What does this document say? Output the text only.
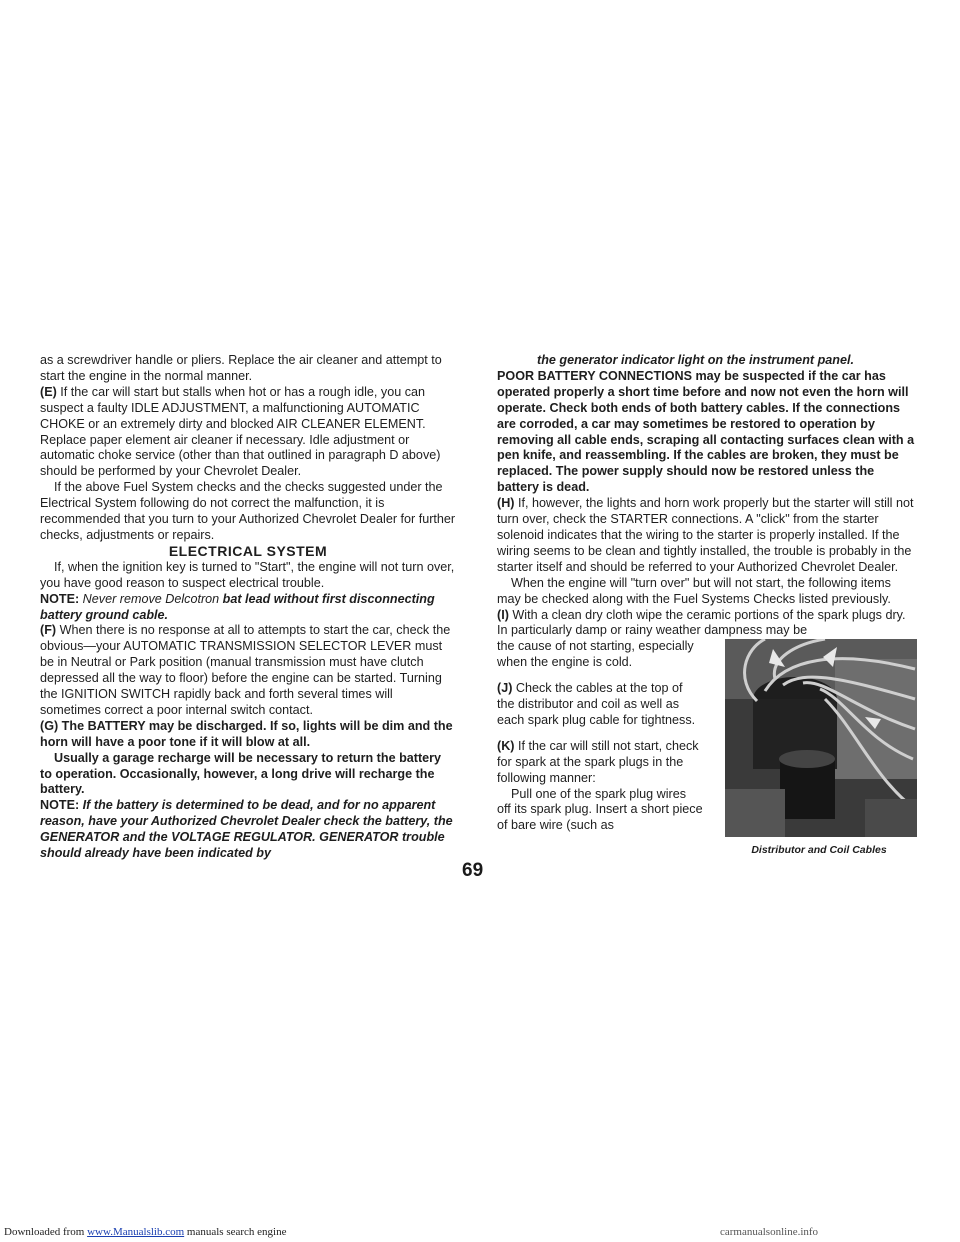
as a screwdriver handle or pliers. Replace the air cleaner and attempt to start the engine in the normal manner.

(E) If the car will start but stalls when hot or has a rough idle, you can suspect a faulty IDLE ADJUSTMENT, a malfunctioning AUTOMATIC CHOKE or an extremely dirty and blocked AIR CLEANER ELEMENT. Replace paper element air cleaner if necessary. Idle adjustment or automatic choke service (other than that outlined in paragraph D above) should be performed by your Chevrolet Dealer.

If the above Fuel System checks and the checks suggested under the Electrical System following do not correct the malfunction, it is recommended that you turn to your Authorized Chevrolet Dealer for further checks, adjustments or repairs.

ELECTRICAL SYSTEM

If, when the ignition key is turned to "Start", the engine will not turn over, you have good reason to suspect electrical trouble.

NOTE: Never remove Delcotron bat lead without first disconnecting battery ground cable.

(F) When there is no response at all to attempts to start the car, check the obvious—your AUTOMATIC TRANSMISSION SELECTOR LEVER must be in Neutral or Park position (manual transmission must have clutch depressed all the way to floor) before the engine can be started. Turning the IGNITION SWITCH rapidly back and forth several times will sometimes correct a poor internal switch contact.

(G) The BATTERY may be discharged. If so, lights will be dim and the horn will have a poor tone if it will blow at all.

Usually a garage recharge will be necessary to return the battery to operation. Occasionally, however, a long drive will recharge the battery.

NOTE: If the battery is determined to be dead, and for no apparent reason, have your Authorized Chevrolet Dealer check the battery, the GENERATOR and the VOLTAGE REGULATOR. GENERATOR trouble should already have been indicated by

the generator indicator light on the instrument panel.

POOR BATTERY CONNECTIONS may be suspected if the car has operated properly a short time before and now not even the horn will operate. Check both ends of both battery cables. If the connections are corroded, a car may sometimes be restored to operation by removing all cable ends, scraping all contacting surfaces clean with a pen knife, and reassembling. If the cables are broken, they must be replaced. The power supply should now be restored unless the battery is dead.

(H) If, however, the lights and horn work properly but the starter will still not turn over, check the STARTER connections. A "click" from the starter solenoid indicates that the wiring to the starter is properly installed. If the wiring seems to be clean and tightly installed, the trouble is probably in the starter itself and should be referred to your Authorized Chevrolet Dealer.

When the engine will "turn over" but will not start, the following items may be checked along with the Fuel Systems Checks listed previously.

(I) With a clean dry cloth wipe the ceramic portions of the spark plugs dry. In particularly damp or rainy weather dampness may be

the cause of not starting, especially when the engine is cold.

(J) Check the cables at the top of the distributor and coil as well as each spark plug cable for tightness.

(K) If the car will still not start, check for spark at the spark plugs in the following manner:

Pull one of the spark plug wires off its spark plug. Insert a short piece of bare wire (such as

Distributor and Coil Cables
69
Downloaded from www.Manualslib.com manuals search engine	carmanualsonline.info
